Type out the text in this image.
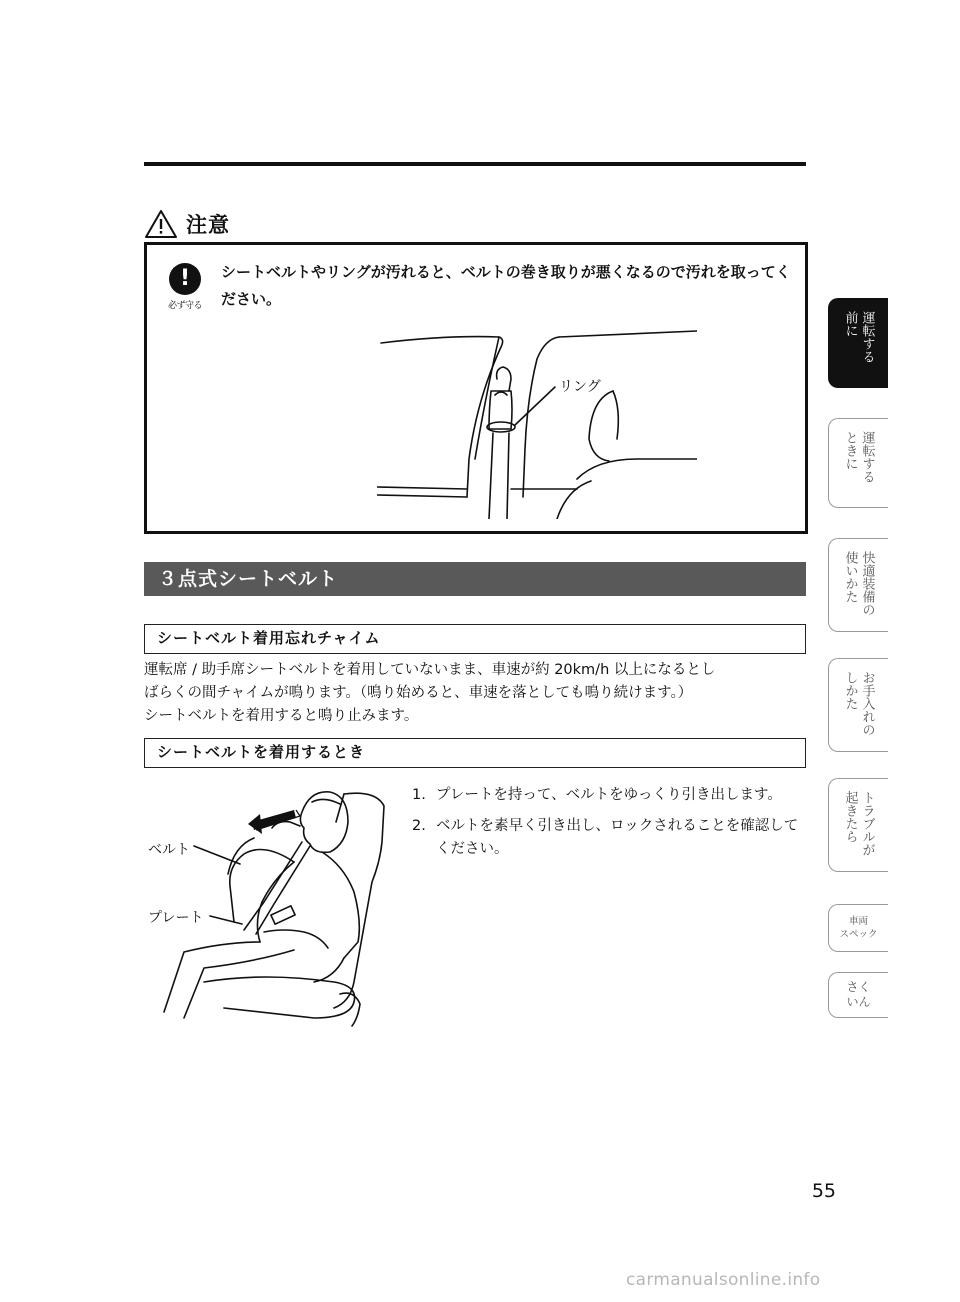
注意
!
必ず守る
シートベルトやリングが汚れると、ベルトの巻き取りが悪くなるので汚れを取ってください。
リング
３点式シートベルト
シートベルト着用忘れチャイム
運転席 / 助手席シートベルトを着用していないまま、車速が約 20km/h 以上になるとし
ばらくの間チャイムが鳴ります。（鳴り始めると、車速を落としても鳴り続けます。）
シートベルトを着用すると鳴り止みます。
シートベルトを着用するとき
1. プレートを持って、ベルトをゆっくり引き出します。
2. ベルトを素早く引き出し、ロックされることを確認してください。
ベルト
プレート
運転する
前に
運転する
ときに
快適装備の
使いかた
お手入れの
しかた
トラブルが
起きたら
車両
スペック
さく
いん
55
carmanualsonline.info
